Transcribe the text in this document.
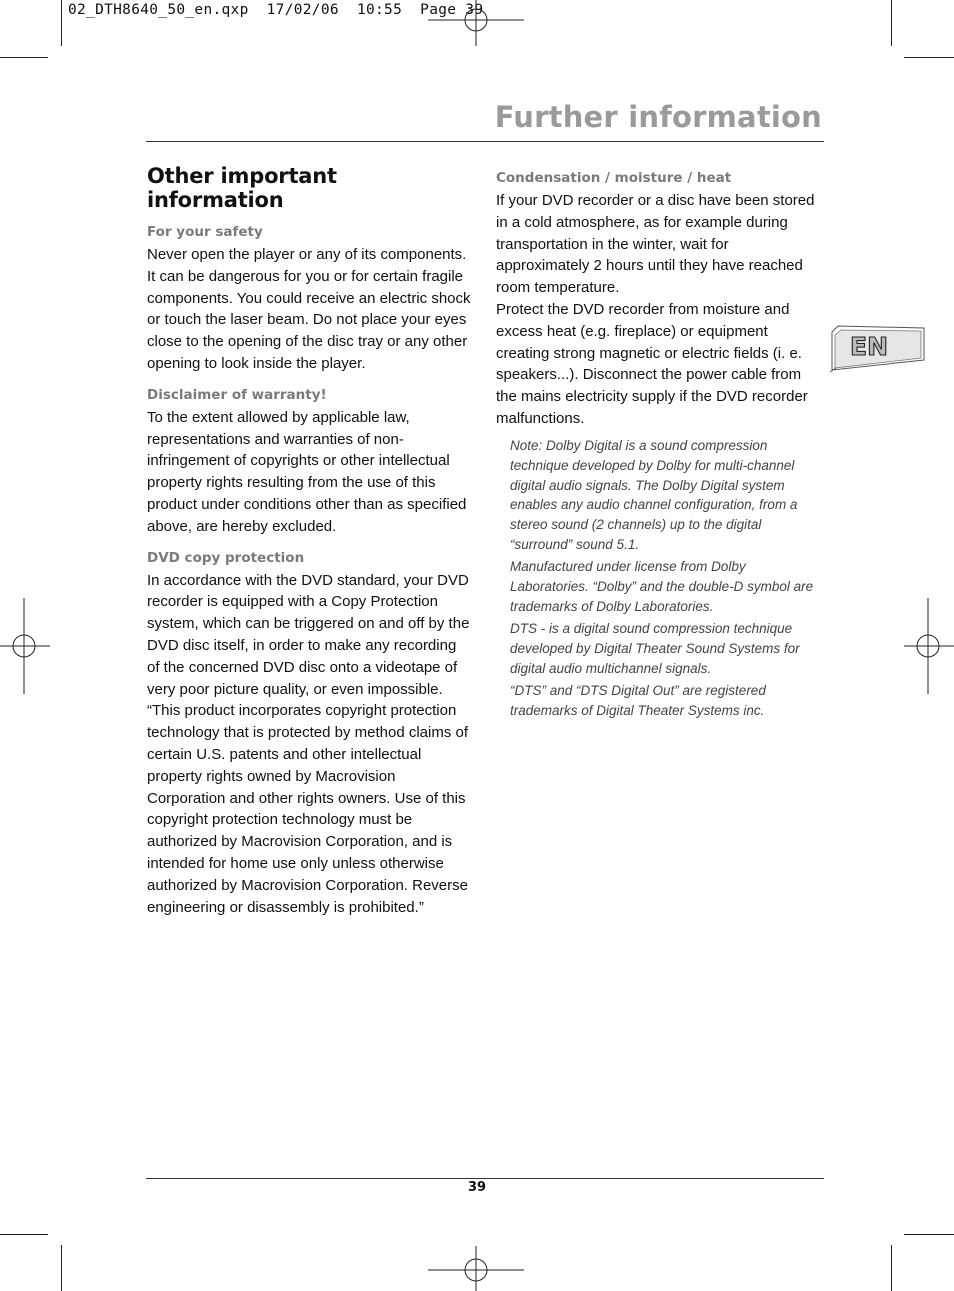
02_DTH8640_50_en.qxp  17/02/06  10:55  Page 39
Further information
Other important information
For your safety

Never open the player or any of its components. It can be dangerous for you or for certain fragile components. You could receive an electric shock or touch the laser beam. Do not place your eyes close to the opening of the disc tray or any other opening to look inside the player.

Disclaimer of warranty!

To the extent allowed by applicable law, representations and warranties of non-infringement of copyrights or other intellectual property rights resulting from the use of this product under conditions other than as specified above, are hereby excluded.

DVD copy protection

In accordance with the DVD standard, your DVD recorder is equipped with a Copy Protection system, which can be triggered on and off by the DVD disc itself, in order to make any recording of the concerned DVD disc onto a videotape of very poor picture quality, or even impossible. “This product incorporates copyright protection technology that is protected by method claims of certain U.S. patents and other intellectual property rights owned by Macrovision Corporation and other rights owners. Use of this copyright protection technology must be authorized by Macrovision Corporation, and is intended for home use only unless otherwise authorized by Macrovision Corporation. Reverse engineering or disassembly is prohibited.”

Condensation / moisture / heat

If your DVD recorder or a disc have been stored in a cold atmosphere, as for example during transportation in the winter, wait for approximately 2 hours until they have reached room temperature.

Protect the DVD recorder from moisture and excess heat (e.g. fireplace) or equipment creating strong magnetic or electric fields (i. e. speakers...). Disconnect the power cable from the mains electricity supply if the DVD recorder malfunctions.

Note: Dolby Digital is a sound compression technique developed by Dolby for multi-channel digital audio signals. The Dolby Digital system enables any audio channel configuration, from a stereo sound (2 channels) up to the digital “surround” sound 5.1.

Manufactured under license from Dolby Laboratories. “Dolby” and the double-D symbol are trademarks of Dolby Laboratories.

DTS - is a digital sound compression technique developed by Digital Theater Sound Systems for digital audio multichannel signals.

“DTS” and “DTS Digital Out” are registered trademarks of Digital Theater Systems inc.

EN
39
